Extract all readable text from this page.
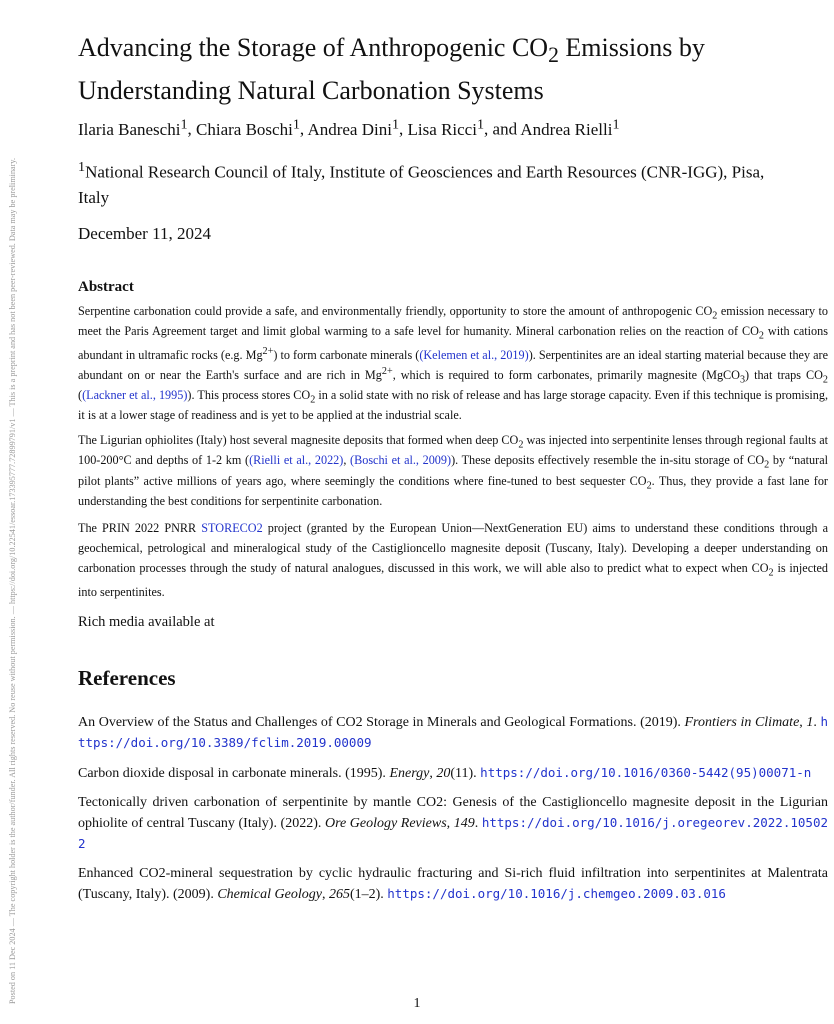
Posted on 11 Dec 2024 — The copyright holder is the author/funder. All rights reserved. No reuse without permission. — https://doi.org/10.22541/essoar.173395777.72899791/v1 — This is a preprint and has not been peer-reviewed. Data may be preliminary.
Advancing the Storage of Anthropogenic $CO_2$ Emissions by Understanding Natural Carbonation Systems
Ilaria Baneschi$^1$, Chiara Boschi$^1$, Andrea Dini$^1$, Lisa Ricci$^1$, and Andrea Rielli$^1$
$^1$National Research Council of Italy, Institute of Geosciences and Earth Resources (CNR-IGG), Pisa, Italy
December 11, 2024
Abstract

Serpentine carbonation could provide a safe, and environmentally friendly, opportunity to store the amount of anthropogenic $CO_2$ emission necessary to meet the Paris Agreement target and limit global warming to a safe level for humanity. Mineral carbonation relies on the reaction of $CO_2$ with cations abundant in ultramafic rocks (e.g. $Mg^{2+}$) to form carbonate minerals ((Kelemen et al., 2019)). Serpentinites are an ideal starting material because they are abundant on or near the Earth's surface and are rich in $Mg^{2+}$, which is required to form carbonates, primarily magnesite (MgCO$_3$) that traps $CO_2$ ((Lackner et al., 1995)). This process stores $CO_2$ in a solid state with no risk of release and has large storage capacity. Even if this technique is promising, it is at a lower stage of readiness and is yet to be applied at the industrial scale.

The Ligurian ophiolites (Italy) host several magnesite deposits that formed when deep $CO_2$ was injected into serpentinite lenses through regional faults at 100-200°C and depths of 1-2 km ((Rielli et al., 2022), (Boschi et al., 2009)). These deposits effectively resemble the in-situ storage of $CO_2$ by “natural pilot plants” active millions of years ago, where seemingly the conditions where fine-tuned to best sequester $CO_2$. Thus, they provide a fast lane for understanding the best conditions for serpentinite carbonation.

The PRIN 2022 PNRR STORECO2 project (granted by the European Union—NextGeneration EU) aims to understand these conditions through a geochemical, petrological and mineralogical study of the Castiglioncello magnesite deposit (Tuscany, Italy). Developing a deeper understanding on carbonation processes through the study of natural analogues, discussed in this work, we will able also to predict what to expect when $CO_2$ is injected into serpentinites.

Rich media available at
References

An Overview of the Status and Challenges of CO2 Storage in Minerals and Geological Formations. (2019). Frontiers in Climate, 1. https://doi.org/10.3389/fclim.2019.00009

Carbon dioxide disposal in carbonate minerals. (1995). Energy, 20(11). https://doi.org/10.1016/0360-5442(95)00071-n

Tectonically driven carbonation of serpentinite by mantle CO2: Genesis of the Castiglioncello magnesite deposit in the Ligurian ophiolite of central Tuscany (Italy). (2022). Ore Geology Reviews, 149. https://doi.org/10.1016/j.oregeorev.2022.105022

Enhanced CO2-mineral sequestration by cyclic hydraulic fracturing and Si-rich fluid infiltration into serpentinites at Malentrata (Tuscany, Italy). (2009). Chemical Geology, 265(1–2). https://doi.org/10.1016/j.chemgeo.2009.03.016

1
